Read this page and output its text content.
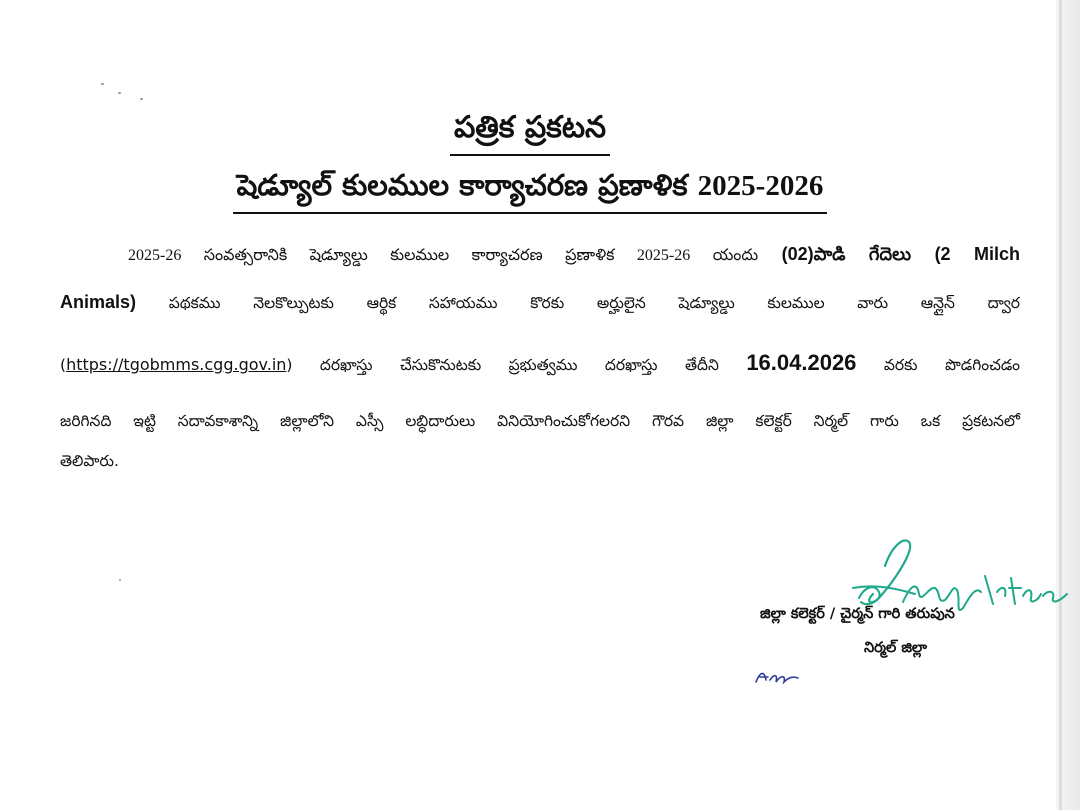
పత్రిక ప్రకటన
షెడ్యూల్ కులముల కార్యాచరణ ప్రణాళిక 2025-2026
2025-26 సంవత్సరానికి షెడ్యూల్డు కులముల కార్యాచరణ ప్రణాళిక 2025-26 యందు (02)పాడి గేదెలు (2 Milch
Animals) పథకము నెలకొల్పుటకు ఆర్థిక సహాయము కొరకు అర్హులైన షెడ్యూల్డు కులముల వారు ఆన్లైన్ ద్వార
(https://tgobmms.cgg.gov.in) దరఖాస్తు చేసుకొనుటకు ప్రభుత్వము దరఖాస్తు తేదీని 16.04.2026 వరకు పొడగించడం
జరిగినది ఇట్టి సదావకాశాన్ని జిల్లాలోని ఎస్సీ లబ్ధిదారులు వినియోగించుకోగలరని గౌరవ జిల్లా కలెక్టర్ నిర్మల్ గారు ఒక ప్రకటనలో
తెలిపారు.
జిల్లా కలెక్టర్ / చైర్మన్ గారి తరుపున
నిర్మల్ జిల్లా
